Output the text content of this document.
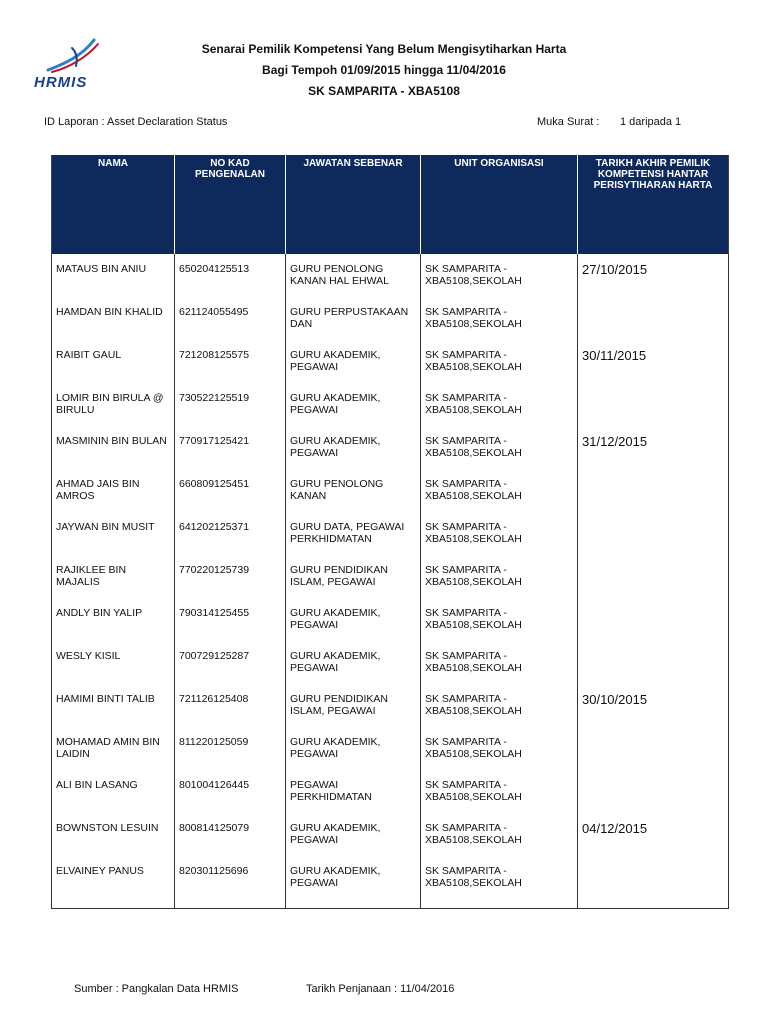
HRMIS
Senarai Pemilik Kompetensi Yang Belum Mengisytiharkan Harta
Bagi Tempoh 01/09/2015 hingga 11/04/2016
SK SAMPARITA - XBA5108
ID Laporan : Asset Declaration Status	Muka Surat : 1 daripada 1
NAMA	NO KAD PENGENALAN	JAWATAN SEBENAR	UNIT ORGANISASI	TARIKH AKHIR PEMILIK KOMPETENSI HANTAR PERISYTIHARAN HARTA

MATAUS BIN ANIU	650204125513	GURU PENOLONG KANAN HAL EHWAL	SK SAMPARITA - XBA5108,SEKOLAH	27/10/2015

HAMDAN BIN KHALID	621124055495	GURU PERPUSTAKAAN DAN	SK SAMPARITA - XBA5108,SEKOLAH	

RAIBIT GAUL	721208125575	GURU AKADEMIK, PEGAWAI	SK SAMPARITA - XBA5108,SEKOLAH	30/11/2015

LOMIR BIN BIRULA @ BIRULU	730522125519	GURU AKADEMIK, PEGAWAI	SK SAMPARITA - XBA5108,SEKOLAH	

MASMININ BIN BULAN	770917125421	GURU AKADEMIK, PEGAWAI	SK SAMPARITA - XBA5108,SEKOLAH	31/12/2015

AHMAD JAIS BIN AMROS	660809125451	GURU PENOLONG KANAN	SK SAMPARITA - XBA5108,SEKOLAH	

JAYWAN BIN MUSIT	641202125371	GURU DATA, PEGAWAI PERKHIDMATAN	SK SAMPARITA - XBA5108,SEKOLAH	

RAJIKLEE BIN MAJALIS	770220125739	GURU PENDIDIKAN ISLAM, PEGAWAI	SK SAMPARITA - XBA5108,SEKOLAH	

ANDLY BIN YALIP	790314125455	GURU AKADEMIK, PEGAWAI	SK SAMPARITA - XBA5108,SEKOLAH	

WESLY KISIL	700729125287	GURU AKADEMIK, PEGAWAI	SK SAMPARITA - XBA5108,SEKOLAH	

HAMIMI BINTI TALIB	721126125408	GURU PENDIDIKAN ISLAM, PEGAWAI	SK SAMPARITA - XBA5108,SEKOLAH	30/10/2015

MOHAMAD AMIN BIN LAIDIN	811220125059	GURU AKADEMIK, PEGAWAI	SK SAMPARITA - XBA5108,SEKOLAH	

ALI BIN LASANG	801004126445	PEGAWAI PERKHIDMATAN	SK SAMPARITA - XBA5108,SEKOLAH	

BOWNSTON LESUIN	800814125079	GURU AKADEMIK, PEGAWAI	SK SAMPARITA - XBA5108,SEKOLAH	04/12/2015

ELVAINEY PANUS	820301125696	GURU AKADEMIK, PEGAWAI	SK SAMPARITA - XBA5108,SEKOLAH	

Sumber : Pangkalan Data HRMIS	Tarikh Penjanaan : 11/04/2016
